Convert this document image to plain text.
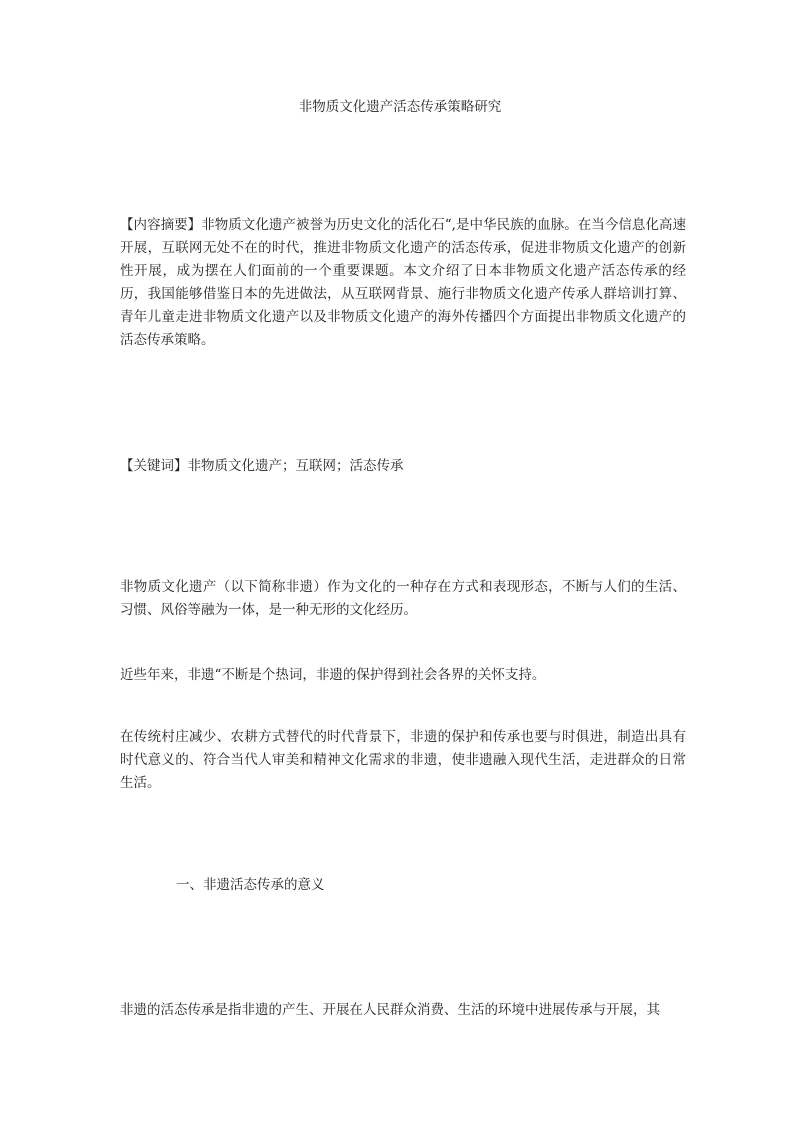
非物质文化遗产活态传承策略研究
【内容摘要】非物质文化遗产被誉为历史文化的活化石“,是中华民族的血脉。在当今信息化高速开展，互联网无处不在的时代，推进非物质文化遗产的活态传承，促进非物质文化遗产的创新性开展，成为摆在人们面前的一个重要课题。本文介绍了日本非物质文化遗产活态传承的经历，我国能够借鉴日本的先进做法，从互联网背景、施行非物质文化遗产传承人群培训打算、青年儿童走进非物质文化遗产以及非物质文化遗产的海外传播四个方面提出非物质文化遗产的活态传承策略。
【关键词】非物质文化遗产；互联网；活态传承
非物质文化遗产（以下简称非遗）作为文化的一种存在方式和表现形态，不断与人们的生活、习惯、风俗等融为一体，是一种无形的文化经历。
近些年来，非遗“不断是个热词，非遗的保护得到社会各界的关怀支持。
在传统村庄减少、农耕方式替代的时代背景下，非遗的保护和传承也要与时俱进，制造出具有时代意义的、符合当代人审美和精神文化需求的非遗，使非遗融入现代生活，走进群众的日常生活。
一、非遗活态传承的意义
非遗的活态传承是指非遗的产生、开展在人民群众消费、生活的环境中进展传承与开展，其
